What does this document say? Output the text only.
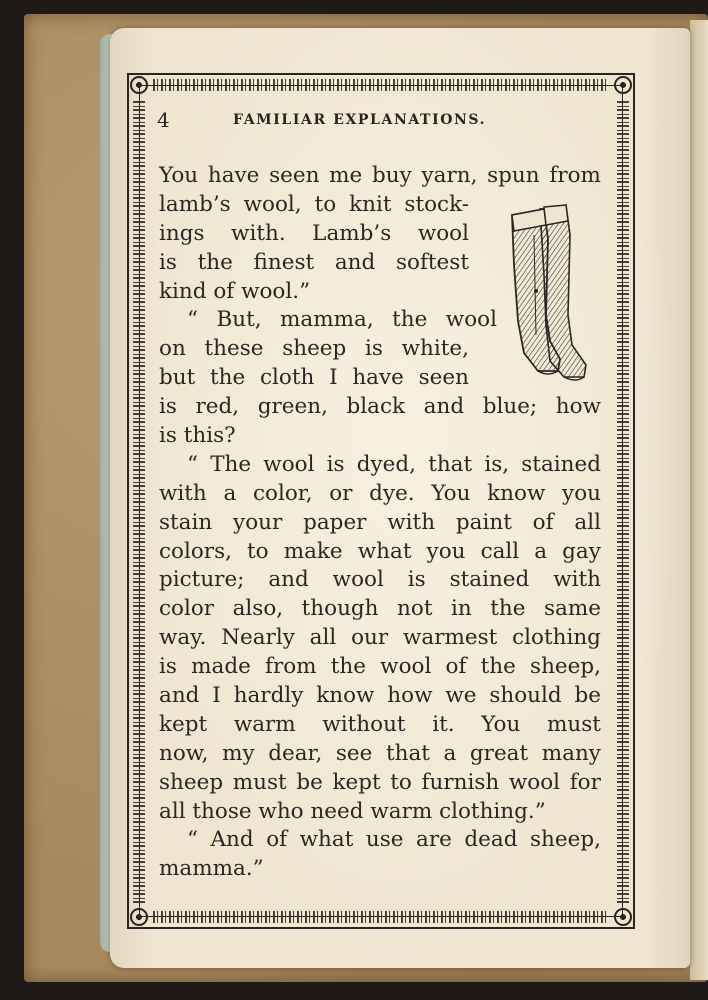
4	FAMILIAR EXPLANATIONS.
You have seen me buy yarn, spun from
lamb’s wool, to knit stock-
ings with. Lamb’s wool
is the finest and softest
kind of wool.”
“ But, mamma, the wool
on these sheep is white,
but the cloth I have seen
is red, green, black and blue; how
is this?
“ The wool is dyed, that is, stained
with a color, or dye. You know you
stain your paper with paint of all
colors, to make what you call a gay
picture; and wool is stained with
color also, though not in the same
way. Nearly all our warmest clothing
is made from the wool of the sheep,
and I hardly know how we should be
kept warm without it. You must
now, my dear, see that a great many
sheep must be kept to furnish wool for
all those who need warm clothing.”
“ And of what use are dead sheep,
mamma.”
